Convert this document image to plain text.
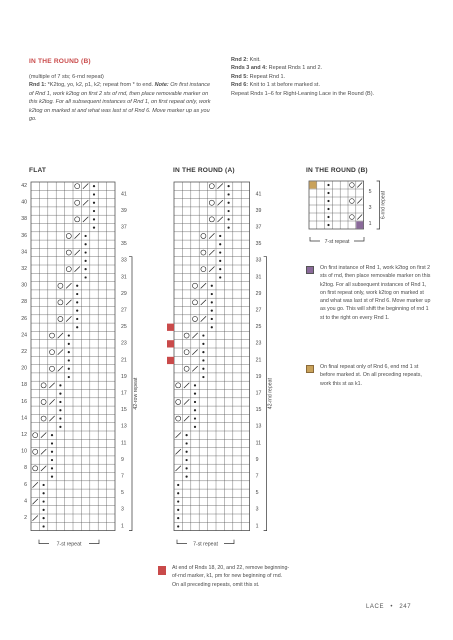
IN THE ROUND (B)

(multiple of 7 sts; 6-rnd repeat)

Rnd 1: *K2tog, yo, k2, p1, k2; repeat from * to end. Note: On first instance of Rnd 1, work k2tog on first 2 sts of rnd, then place removable marker on this k2tog. For all subsequent instances of Rnd 1, on first repeat only, work k2tog on marked st and what was last st of Rnd 6. Move marker up as you go.

Rnd 2: Knit.

Rnds 3 and 4: Repeat Rnds 1 and 2.

Rnd 5: Repeat Rnd 1.

Rnd 6: Knit to 1 st before marked st.

Repeat Rnds 1–6 for Right-Leaning Lace in the Round (B).

FLAT	IN THE ROUND (A)	IN THE ROUND (B)
42
40
38
36
34
32
30
28
26
24
22
20
18
16
14
12
10
8
6
4
2
41
39
37
35
33
31
29
27
25
23
21
19
17
15
13
11
9
7
5
3
1
42-row repeat
7-st repeat
41
39
37
35
33
31
29
27
25
23
21
19
17
15
13
11
9
7
5
3
1
42-rnd repeat
7-st repeat
5
3
1
6-rnd repeat
7-st repeat
On first instance of Rnd 1, work k2tog on first 2 sts of rnd, then place removable marker on this k2tog. For all subsequent instances of Rnd 1, on first repeat only, work k2tog on marked st and what was last st of Rnd 6. Move marker up as you go. This will shift the beginning of rnd 1 st to the right on every Rnd 1.
On final repeat only of Rnd 6, end rnd 1 st before marked st. On all preceding repeats, work this st as k1.
At end of Rnds 18, 20, and 22, remove beginning-of-rnd marker, k1, pm for new beginning of rnd. On all preceding repeats, omit this st.
LACE • 247
